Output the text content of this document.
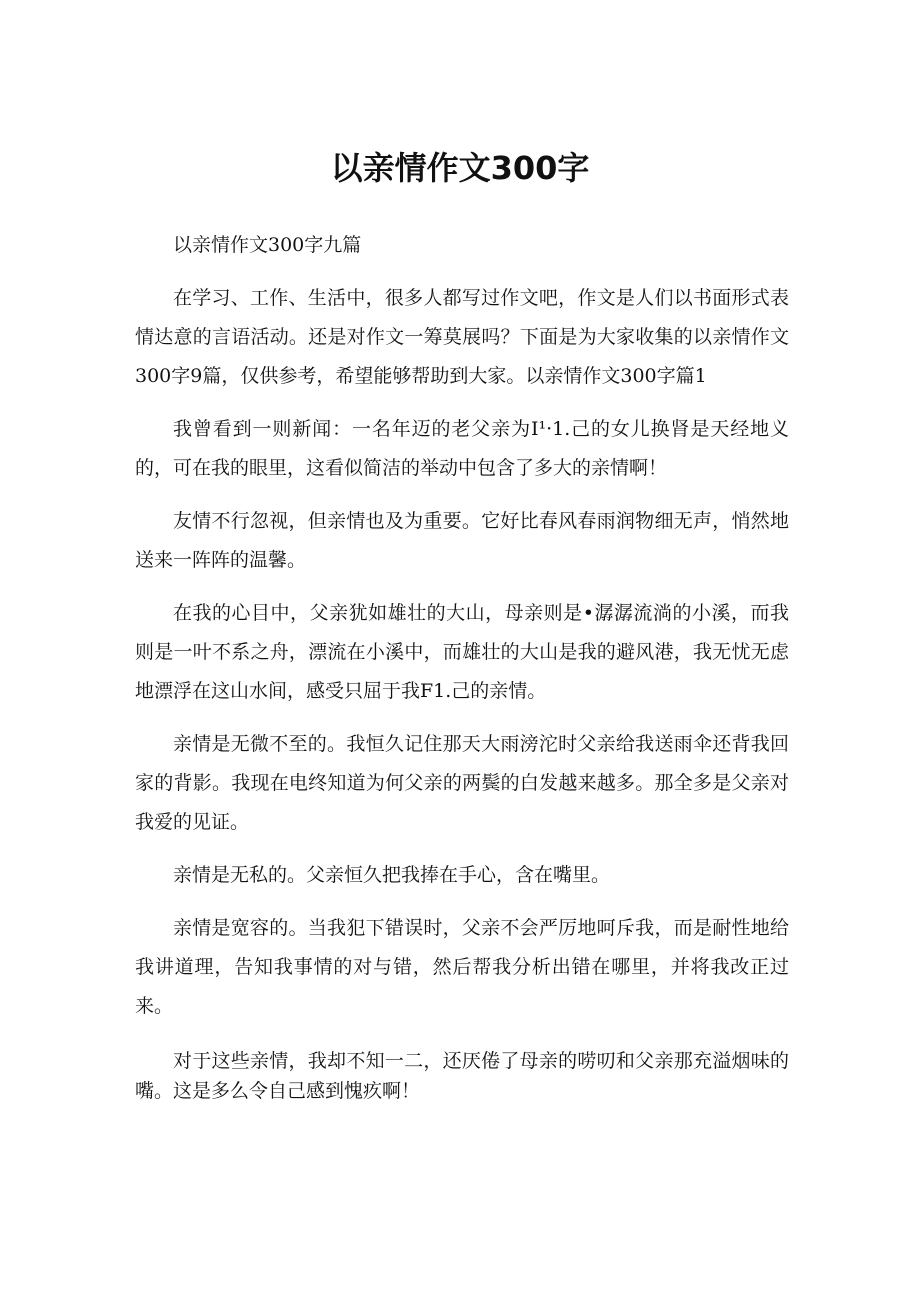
以亲情作文300字

以亲情作文300字九篇

在学习、工作、生活中，很多人都写过作文吧，作文是人们以书面形式表情达意的言语活动。还是对作文一筹莫展吗？下面是为大家收集的以亲情作文300字9篇，仅供参考，希望能够帮助到大家。以亲情作文300字篇1

我曾看到一则新闻：一名年迈的老父亲为I¹·1.己的女儿换肾是天经地义的，可在我的眼里，这看似简洁的举动中包含了多大的亲情啊！

友情不行忽视，但亲情也及为重要。它好比春风春雨润物细无声，悄然地送来一阵阵的温馨。

在我的心目中，父亲犹如雄壮的大山，母亲则是•潺潺流淌的小溪，而我则是一叶不系之舟，漂流在小溪中，而雄壮的大山是我的避风港，我无忧无虑地漂浮在这山水间，感受只屈于我F1.己的亲情。

亲情是无微不至的。我恒久记住那天大雨滂沱时父亲给我送雨伞还背我回家的背影。我现在电终知道为何父亲的两鬓的白发越来越多。那全多是父亲对我爱的见证。

亲情是无私的。父亲恒久把我捧在手心，含在嘴里。

亲情是宽容的。当我犯下错误时，父亲不会严厉地呵斥我，而是耐性地给我讲道理，告知我事情的对与错，然后帮我分析出错在哪里，并将我改正过来。

对于这些亲情，我却不知一二，还厌倦了母亲的唠叨和父亲那充溢烟味的嘴。这是多么令自己感到愧疚啊！
